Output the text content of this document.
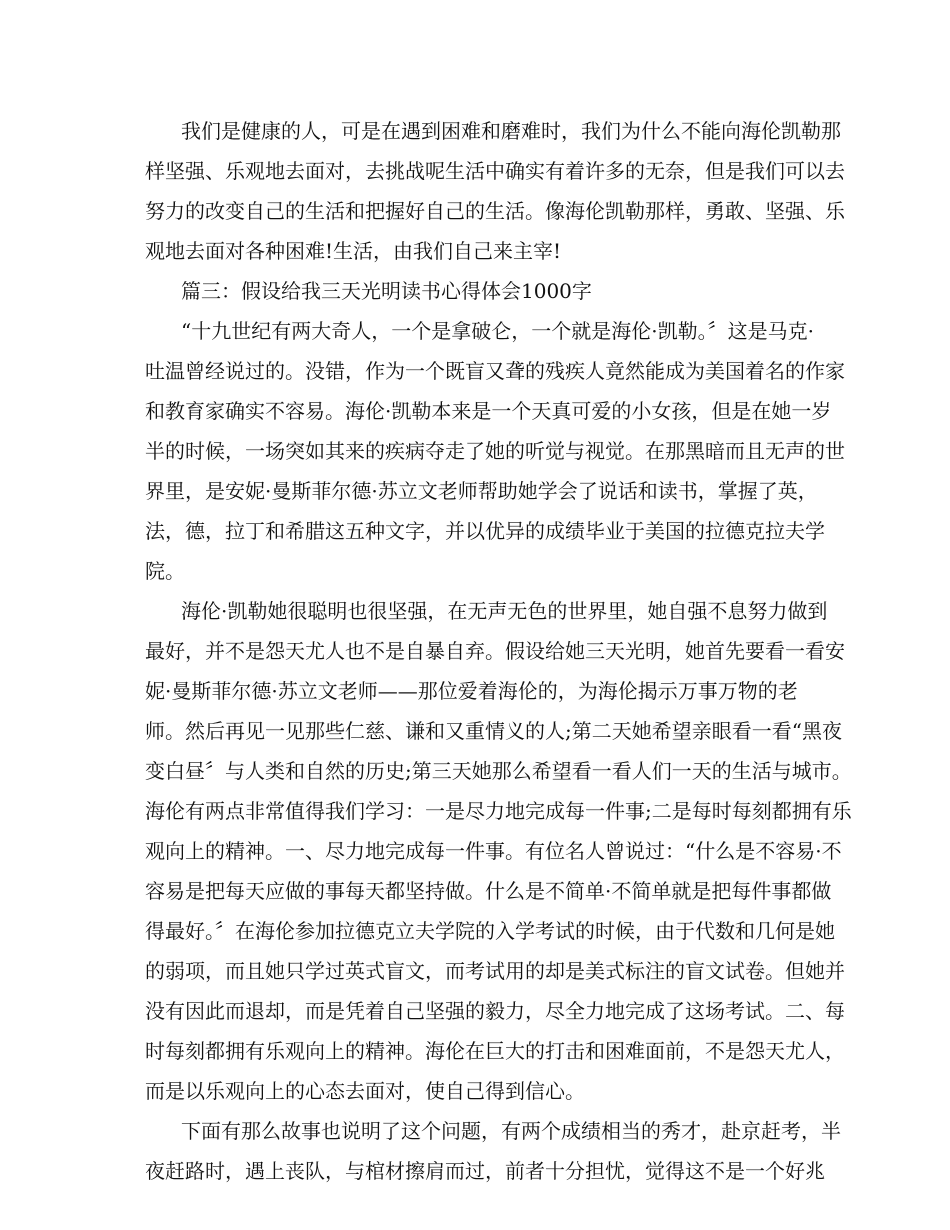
我们是健康的人，可是在遇到困难和磨难时，我们为什么不能向海伦凯勒那
样坚强、乐观地去面对，去挑战呢生活中确实有着许多的无奈，但是我们可以去
努力的改变自己的生活和把握好自己的生活。像海伦凯勒那样，勇敢、坚强、乐
观地去面对各种困难!生活，由我们自己来主宰!
篇三：假设给我三天光明读书心得体会1000字
“十九世纪有两大奇人，一个是拿破仑，一个就是海伦·凯勒。〞这是马克·
吐温曾经说过的。没错，作为一个既盲又聋的残疾人竟然能成为美国着名的作家
和教育家确实不容易。海伦·凯勒本来是一个天真可爱的小女孩，但是在她一岁
半的时候，一场突如其来的疾病夺走了她的听觉与视觉。在那黑暗而且无声的世
界里，是安妮·曼斯菲尔德·苏立文老师帮助她学会了说话和读书，掌握了英，
法，德，拉丁和希腊这五种文字，并以优异的成绩毕业于美国的拉德克拉夫学
院。
海伦·凯勒她很聪明也很坚强，在无声无色的世界里，她自强不息努力做到
最好，并不是怨天尤人也不是自暴自弃。假设给她三天光明，她首先要看一看安
妮·曼斯菲尔德·苏立文老师——那位爱着海伦的，为海伦揭示万事万物的老
师。然后再见一见那些仁慈、谦和又重情义的人;第二天她希望亲眼看一看“黑夜
变白昼〞与人类和自然的历史;第三天她那么希望看一看人们一天的生活与城市。
海伦有两点非常值得我们学习：一是尽力地完成每一件事;二是每时每刻都拥有乐
观向上的精神。一、尽力地完成每一件事。有位名人曾说过：“什么是不容易·不
容易是把每天应做的事每天都坚持做。什么是不简单·不简单就是把每件事都做
得最好。〞在海伦参加拉德克立夫学院的入学考试的时候，由于代数和几何是她
的弱项，而且她只学过英式盲文，而考试用的却是美式标注的盲文试卷。但她并
没有因此而退却，而是凭着自己坚强的毅力，尽全力地完成了这场考试。二、每
时每刻都拥有乐观向上的精神。海伦在巨大的打击和困难面前，不是怨天尤人，
而是以乐观向上的心态去面对，使自己得到信心。
下面有那么故事也说明了这个问题，有两个成绩相当的秀才，赴京赶考，半
夜赶路时，遇上丧队，与棺材擦肩而过，前者十分担忧，觉得这不是一个好兆
